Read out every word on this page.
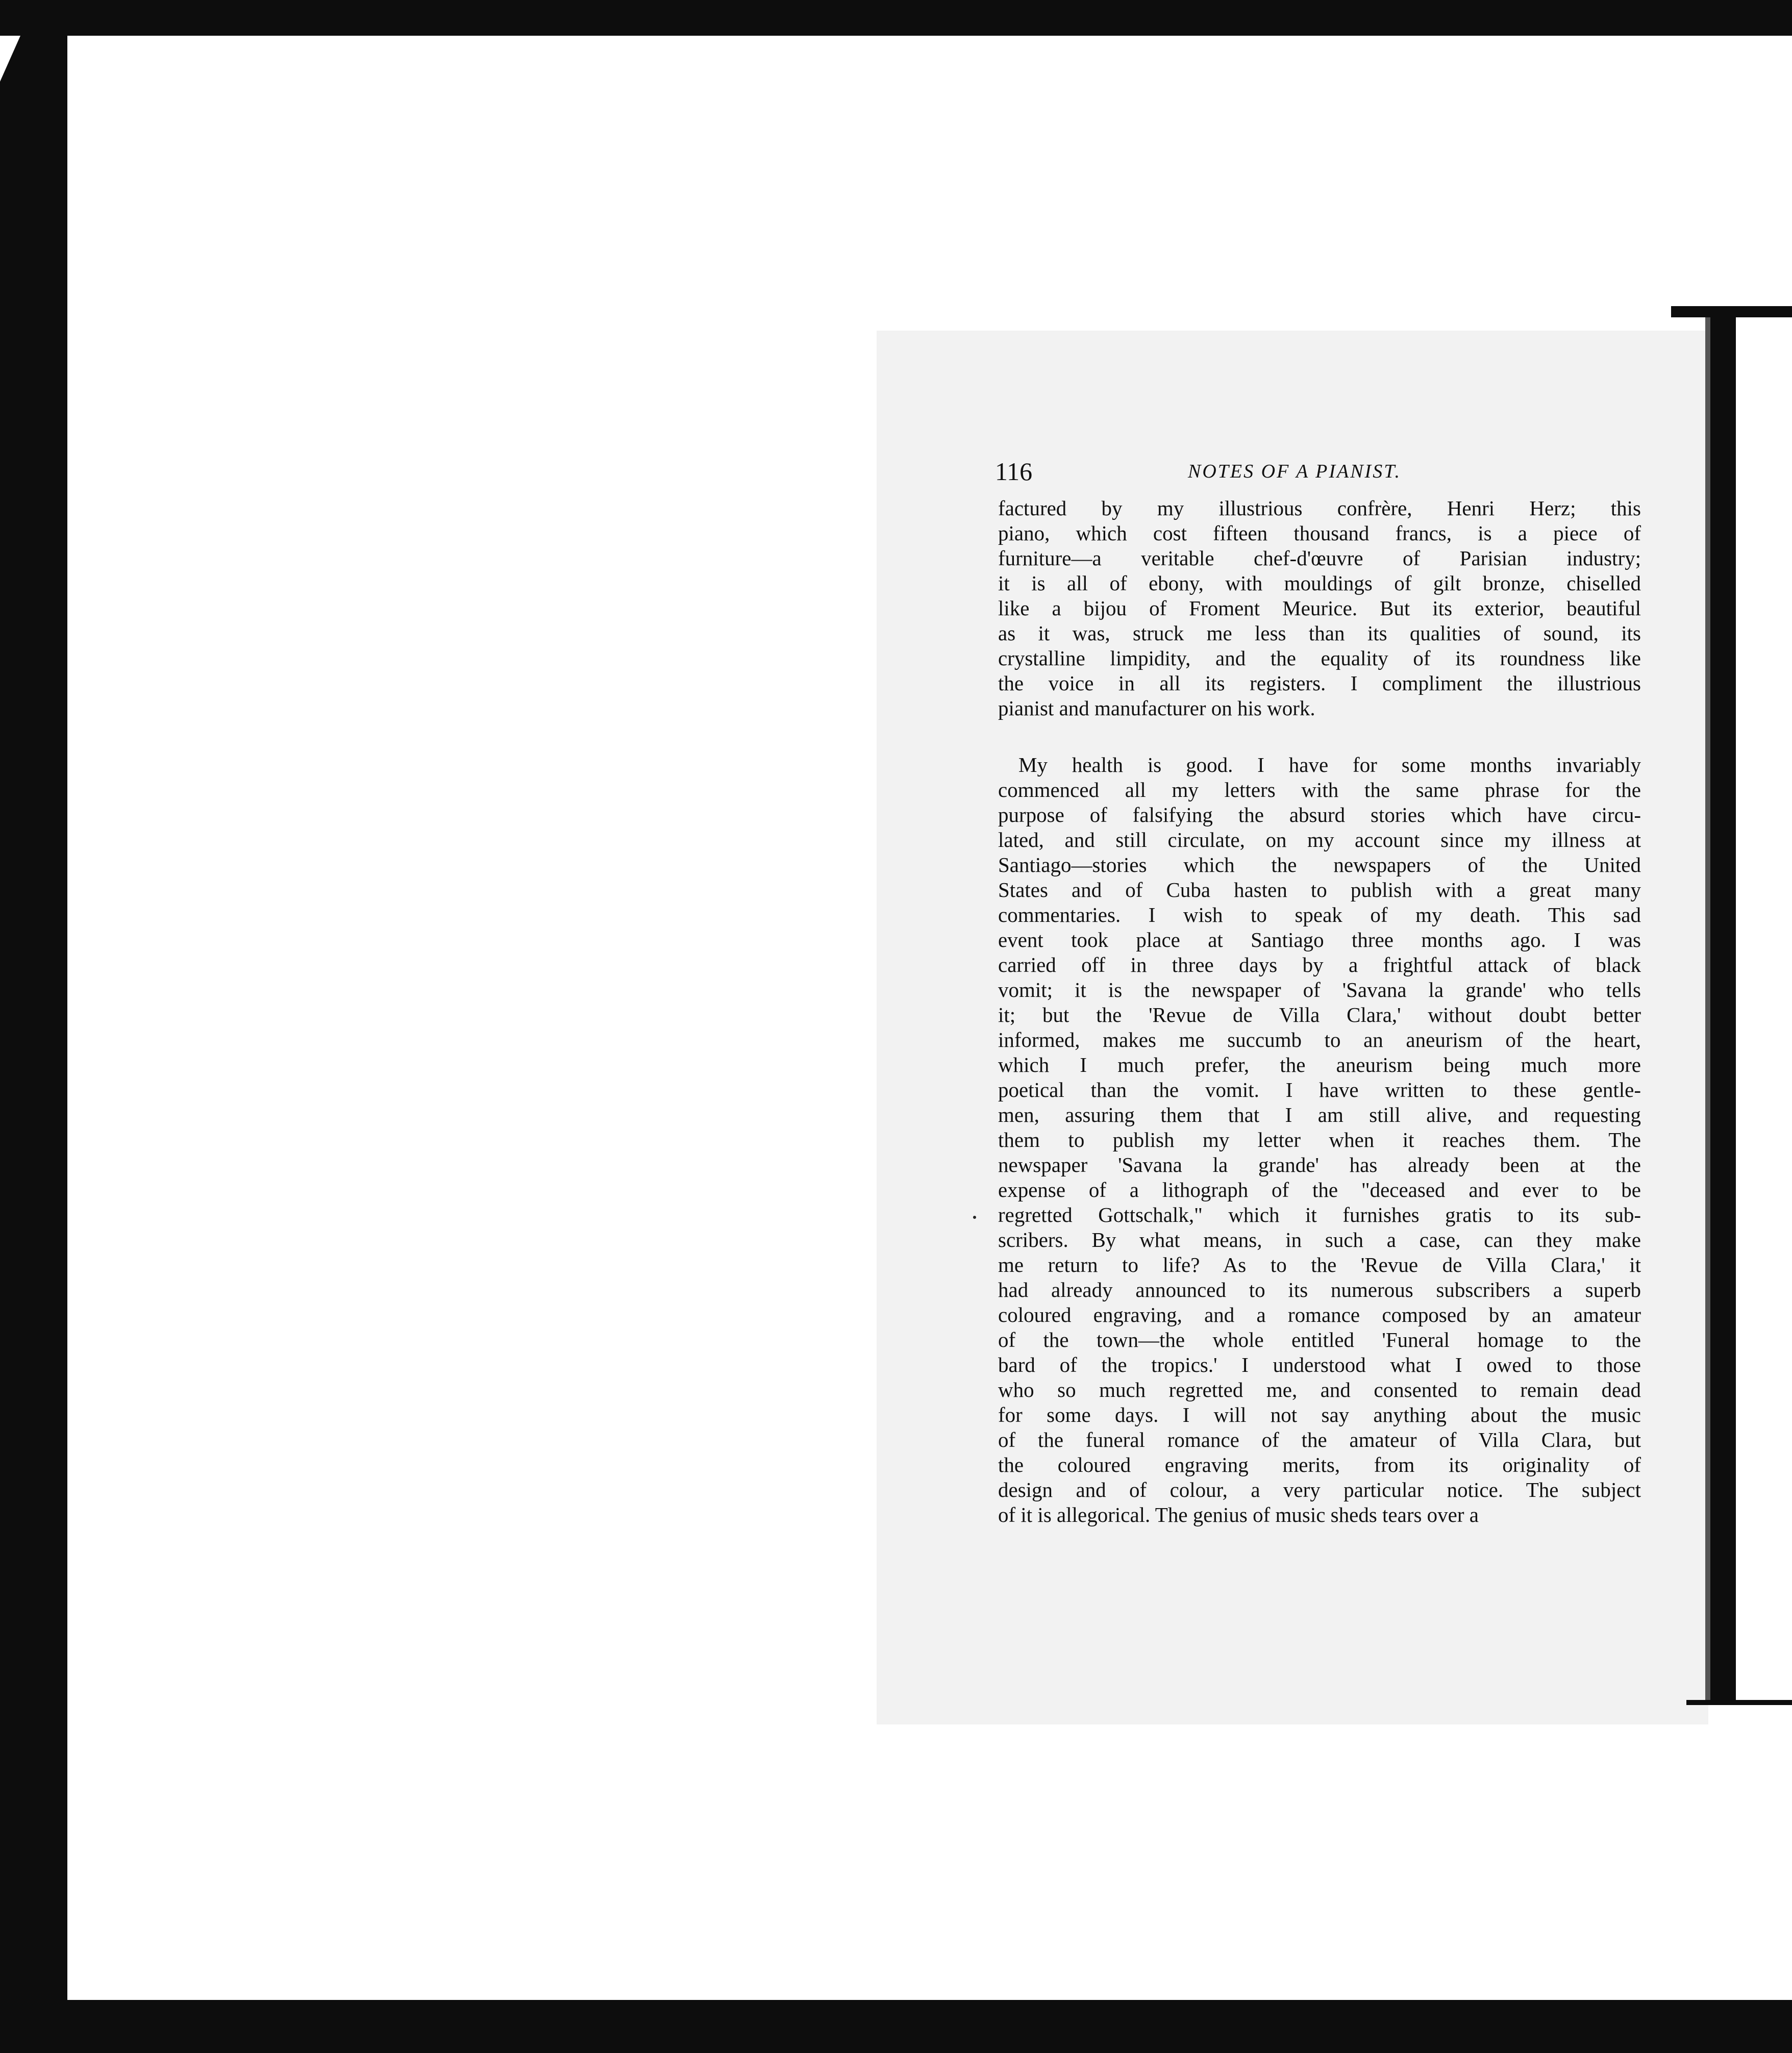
116	NOTES OF A PIANIST.

factured by my illustrious confrère, Henri Herz; this
piano, which cost fifteen thousand francs, is a piece of
furniture—a veritable chef-d'œuvre of Parisian industry;
it is all of ebony, with mouldings of gilt bronze, chiselled
like a bijou of Froment Meurice. But its exterior, beautiful
as it was, struck me less than its qualities of sound, its
crystalline limpidity, and the equality of its roundness like
the voice in all its registers. I compliment the illustrious
pianist and manufacturer on his work.

My health is good. I have for some months invariably
commenced all my letters with the same phrase for the
purpose of falsifying the absurd stories which have circu-
lated, and still circulate, on my account since my illness at
Santiago—stories which the newspapers of the United
States and of Cuba hasten to publish with a great many
commentaries. I wish to speak of my death. This sad
event took place at Santiago three months ago. I was
carried off in three days by a frightful attack of black
vomit; it is the newspaper of 'Savana la grande' who tells
it; but the 'Revue de Villa Clara,' without doubt better
informed, makes me succumb to an aneurism of the heart,
which I much prefer, the aneurism being much more
poetical than the vomit. I have written to these gentle-
men, assuring them that I am still alive, and requesting
them to publish my letter when it reaches them. The
newspaper 'Savana la grande' has already been at the
expense of a lithograph of the "deceased and ever to be
regretted Gottschalk," which it furnishes gratis to its sub-
scribers. By what means, in such a case, can they make
me return to life? As to the 'Revue de Villa Clara,' it
had already announced to its numerous subscribers a superb
coloured engraving, and a romance composed by an amateur
of the town—the whole entitled 'Funeral homage to the
bard of the tropics.' I understood what I owed to those
who so much regretted me, and consented to remain dead
for some days. I will not say anything about the music
of the funeral romance of the amateur of Villa Clara, but
the coloured engraving merits, from its originality of
design and of colour, a very particular notice. The subject
of it is allegorical. The genius of music sheds tears over a
